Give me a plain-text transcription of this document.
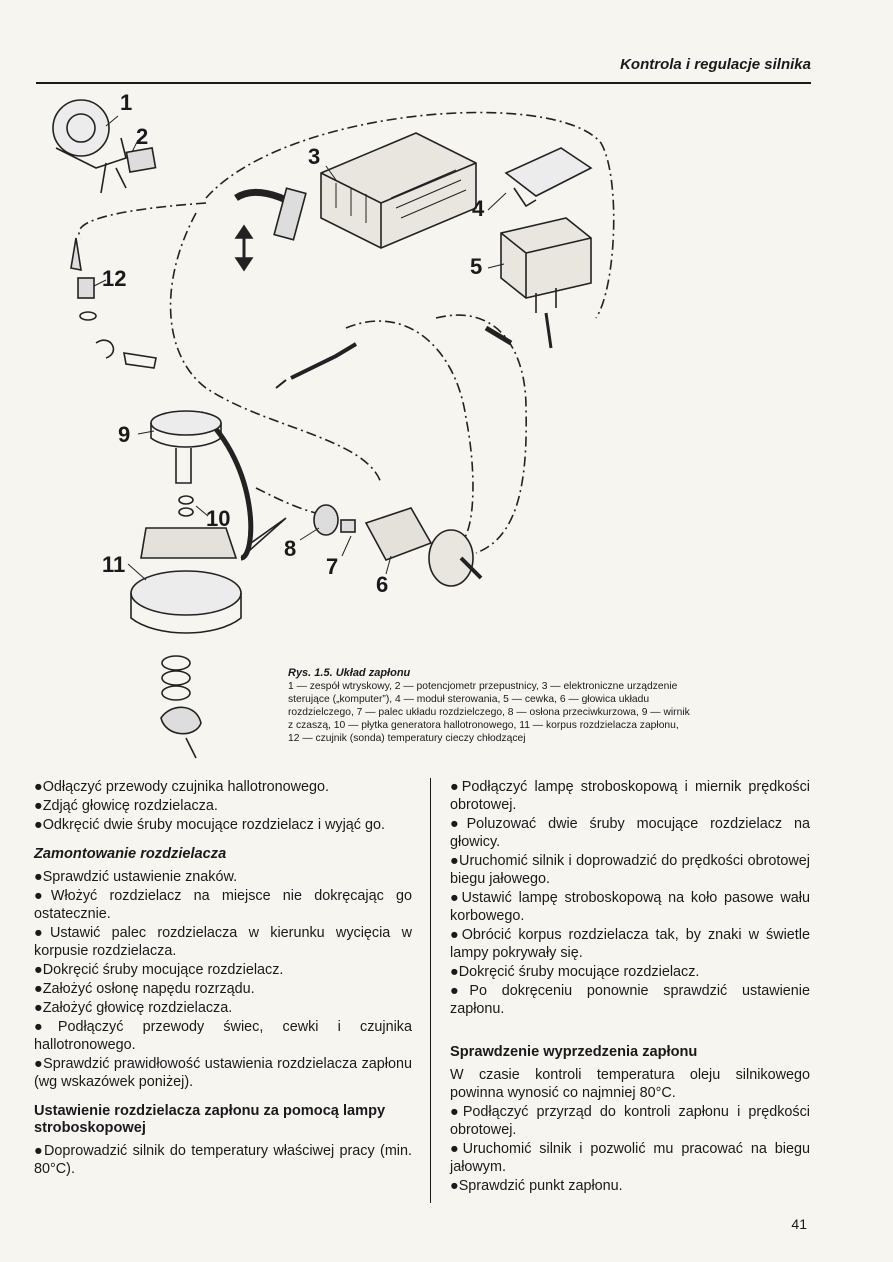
Kontrola i regulacje silnika
1
2
3
4
5
6
7
8
9
10
11
12
Rys. 1.5. Układ zapłonu
1 — zespół wtryskowy, 2 — potencjometr przepustnicy, 3 — elektroniczne urządzenie
sterujące („komputer”), 4 — moduł sterowania, 5 — cewka, 6 — głowica układu
rozdzielczego, 7 — palec układu rozdzielczego, 8 — osłona przeciwkurzowa, 9 — wirnik
z czaszą, 10 — płytka generatora hallotronowego, 11 — korpus rozdzielacza zapłonu,
12 — czujnik (sonda) temperatury cieczy chłodzącej

●Odłączyć przewody czujnika hallotronowego.

●Zdjąć głowicę rozdzielacza.

●Odkręcić dwie śruby mocujące rozdzielacz i wyjąć go.

Zamontowanie rozdzielacza

●Sprawdzić ustawienie znaków.

●Włożyć rozdzielacz na miejsce nie dokręcając go ostatecznie.

●Ustawić palec rozdzielacza w kierunku wycięcia w korpusie rozdzielacza.

●Dokręcić śruby mocujące rozdzielacz.

●Założyć osłonę napędu rozrządu.

●Założyć głowicę rozdzielacza.

●Podłączyć przewody świec, cewki i czujnika hallotronowego.

●Sprawdzić prawidłowość ustawienia rozdzielacza zapłonu (wg wskazówek poniżej).

Ustawienie rozdzielacza zapłonu za pomocą lampy stroboskopowej

●Doprowadzić silnik do temperatury właściwej pracy (min. 80°C).

●Podłączyć lampę stroboskopową i miernik prędkości obrotowej.

●Poluzować dwie śruby mocujące rozdzielacz na głowicy.

●Uruchomić silnik i doprowadzić do prędkości obrotowej biegu jałowego.

●Ustawić lampę stroboskopową na koło pasowe wału korbowego.

●Obrócić korpus rozdzielacza tak, by znaki w świetle lampy pokrywały się.

●Dokręcić śruby mocujące rozdzielacz.

●Po dokręceniu ponownie sprawdzić ustawienie zapłonu.

Sprawdzenie wyprzedzenia zapłonu

W czasie kontroli temperatura oleju silnikowego powinna wynosić co najmniej 80°C.

●Podłączyć przyrząd do kontroli zapłonu i prędkości obrotowej.

●Uruchomić silnik i pozwolić mu pracować na biegu jałowym.

●Sprawdzić punkt zapłonu.

41
